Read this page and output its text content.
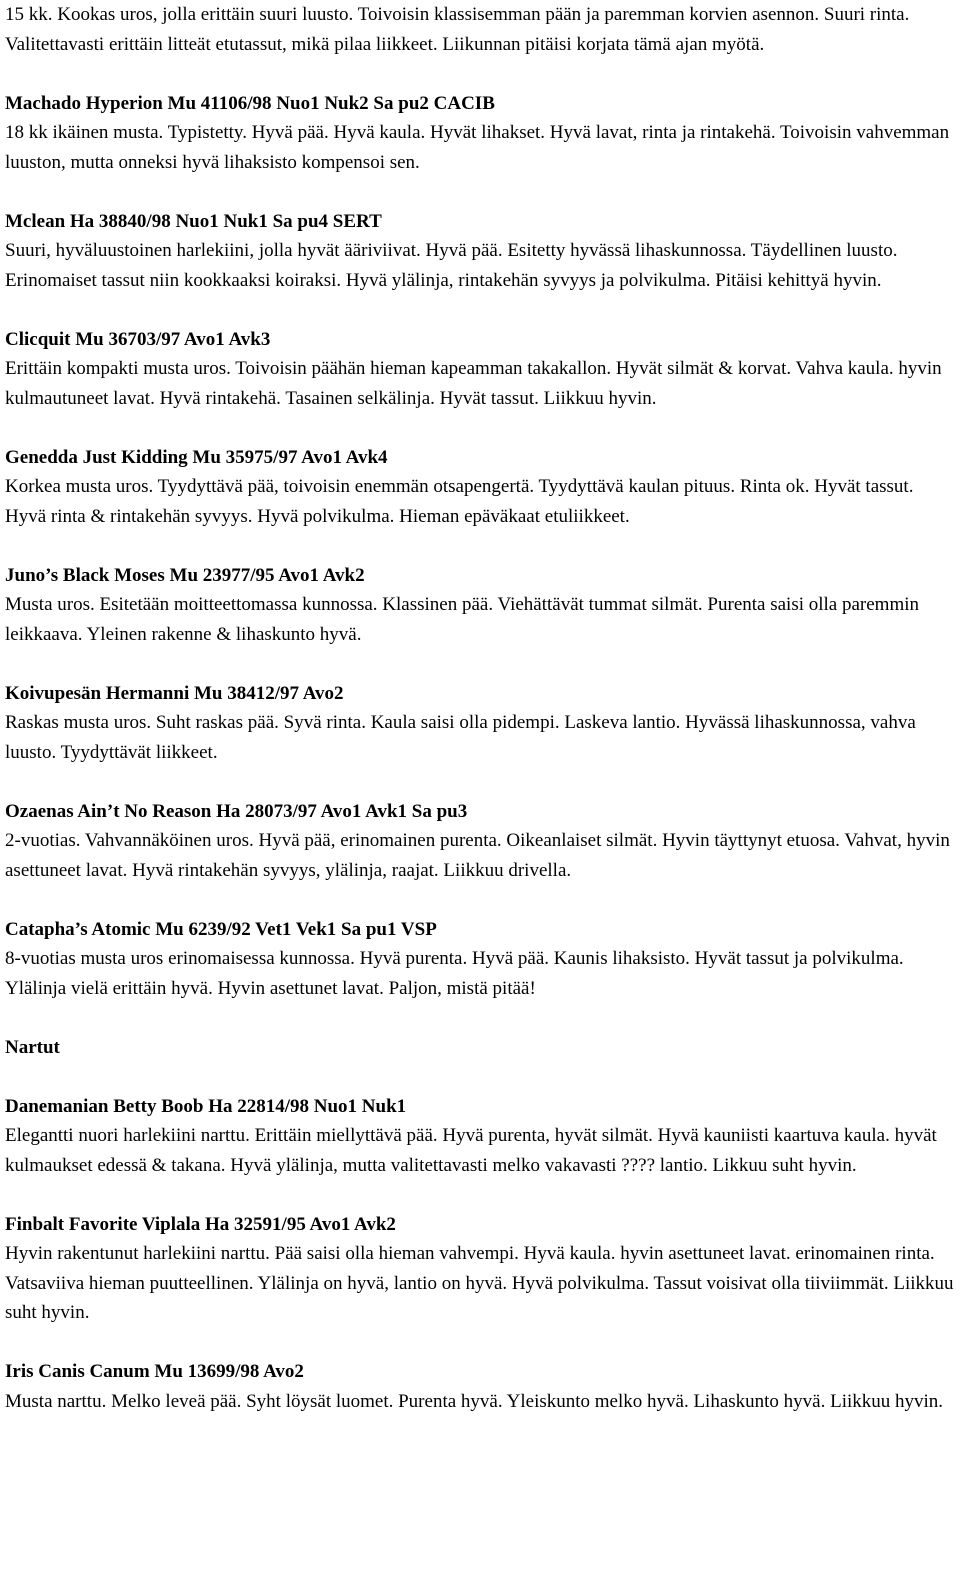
15 kk. Kookas uros, jolla erittäin suuri luusto. Toivoisin klassisemman pään ja paremman korvien asennon. Suuri rinta. Valitettavasti erittäin litteät etutassut, mikä pilaa liikkeet. Liikunnan pitäisi korjata tämä ajan myötä.

Machado Hyperion Mu 41106/98 Nuo1 Nuk2 Sa pu2 CACIB

18 kk ikäinen musta. Typistetty. Hyvä pää. Hyvä kaula. Hyvät lihakset. Hyvä lavat, rinta ja rintakehä. Toivoisin vahvemman luuston, mutta onneksi hyvä lihaksisto kompensoi sen.

Mclean Ha 38840/98 Nuo1 Nuk1 Sa pu4 SERT

Suuri, hyväluustoinen harlekiini, jolla hyvät ääriviivat. Hyvä pää. Esitetty hyvässä lihaskunnossa. Täydellinen luusto. Erinomaiset tassut niin kookkaaksi koiraksi. Hyvä ylälinja, rintakehän syvyys ja polvikulma. Pitäisi kehittyä hyvin.

Clicquit Mu 36703/97 Avo1 Avk3

Erittäin kompakti musta uros. Toivoisin päähän hieman kapeamman takakallon. Hyvät silmät & korvat. Vahva kaula. hyvin kulmautuneet lavat. Hyvä rintakehä. Tasainen selkälinja. Hyvät tassut. Liikkuu hyvin.

Genedda Just Kidding Mu 35975/97 Avo1 Avk4

Korkea musta uros. Tyydyttävä pää, toivoisin enemmän otsapengertä. Tyydyttävä kaulan pituus. Rinta ok. Hyvät tassut. Hyvä rinta & rintakehän syvyys. Hyvä polvikulma. Hieman epäväkaat etuliikkeet.

Juno’s Black Moses Mu 23977/95 Avo1 Avk2

Musta uros. Esitetään moitteettomassa kunnossa. Klassinen pää. Viehättävät tummat silmät. Purenta saisi olla paremmin leikkaava. Yleinen rakenne & lihaskunto hyvä.

Koivupesän Hermanni Mu 38412/97 Avo2

Raskas musta uros. Suht raskas pää. Syvä rinta. Kaula saisi olla pidempi. Laskeva lantio. Hyvässä lihaskunnossa, vahva luusto. Tyydyttävät liikkeet.

Ozaenas Ain’t No Reason Ha 28073/97 Avo1 Avk1 Sa pu3

2-vuotias. Vahvannäköinen uros. Hyvä pää, erinomainen purenta. Oikeanlaiset silmät. Hyvin täyttynyt etuosa. Vahvat, hyvin asettuneet lavat. Hyvä rintakehän syvyys, ylälinja, raajat. Liikkuu drivella.

Catapha’s Atomic Mu 6239/92 Vet1 Vek1 Sa pu1 VSP

8-vuotias musta uros erinomaisessa kunnossa. Hyvä purenta. Hyvä pää. Kaunis lihaksisto. Hyvät tassut ja polvikulma. Ylälinja vielä erittäin hyvä. Hyvin asettunet lavat. Paljon, mistä pitää!

Nartut

Danemanian Betty Boob Ha 22814/98 Nuo1 Nuk1

Elegantti nuori harlekiini narttu. Erittäin miellyttävä pää. Hyvä purenta, hyvät silmät. Hyvä kauniisti kaartuva kaula. hyvät kulmaukset edessä & takana. Hyvä ylälinja, mutta valitettavasti melko vakavasti ???? lantio. Likkuu suht hyvin.

Finbalt Favorite Viplala Ha 32591/95 Avo1 Avk2

Hyvin rakentunut harlekiini narttu. Pää saisi olla hieman vahvempi. Hyvä kaula. hyvin asettuneet lavat. erinomainen rinta. Vatsaviiva hieman puutteellinen. Ylälinja on hyvä, lantio on hyvä. Hyvä polvikulma. Tassut voisivat olla tiiviimmät. Liikkuu suht hyvin.

Iris Canis Canum Mu 13699/98 Avo2

Musta narttu. Melko leveä pää. Syht löysät luomet. Purenta hyvä. Yleiskunto melko hyvä. Lihaskunto hyvä. Liikkuu hyvin.
